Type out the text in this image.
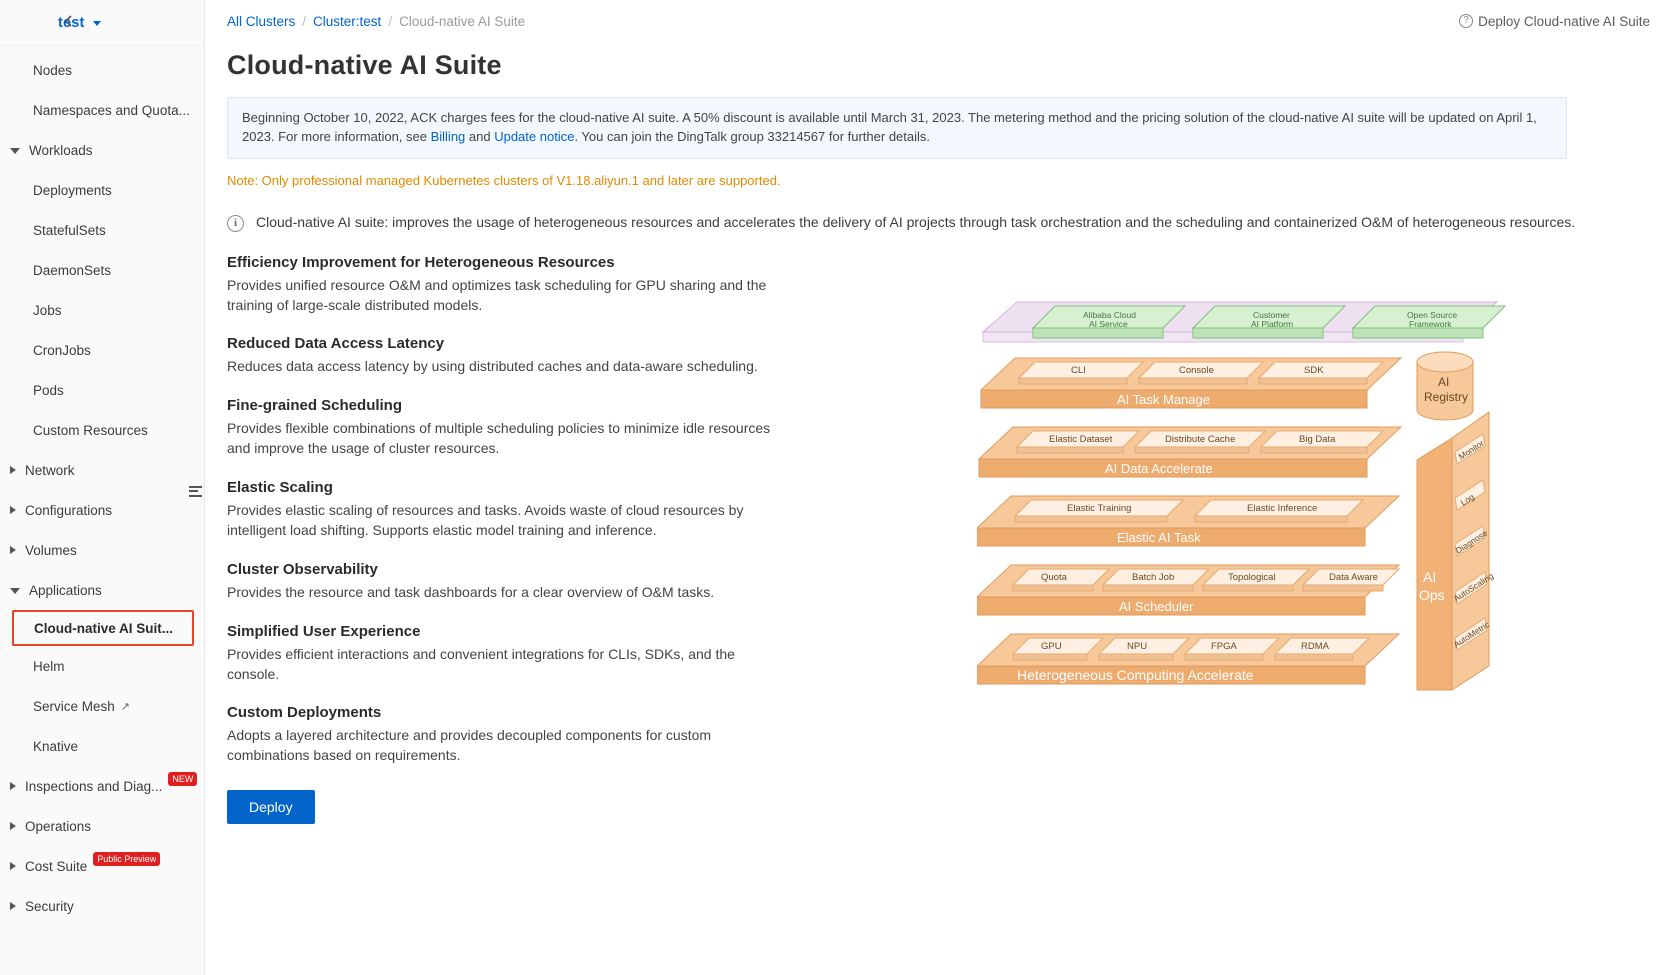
test
Nodes
Namespaces and Quota...
Workloads
Deployments
StatefulSets
DaemonSets
Jobs
CronJobs
Pods
Custom Resources
Network
Configurations
Volumes
Applications
Cloud-native AI Suit...
Helm
Service Mesh ↗
Knative
Inspections and Diag...	NEW
Operations
Cost Suite	Public Preview
Security
All Clusters / Cluster:test / Cloud-native AI Suite	? Deploy Cloud-native AI Suite
Cloud-native AI Suite
Beginning October 10, 2022, ACK charges fees for the cloud-native AI suite. A 50% discount is available until March 31, 2023. The metering method and the pricing solution of the cloud-native AI suite will be updated on April 1, 2023. For more information, see Billing and Update notice. You can join the DingTalk group 33214567 for further details.
Note: Only professional managed Kubernetes clusters of V1.18.aliyun.1 and later are supported.
i	Cloud-native AI suite: improves the usage of heterogeneous resources and accelerates the delivery of AI projects through task orchestration and the scheduling and containerized O&M of heterogeneous resources.
Efficiency Improvement for Heterogeneous Resources

Provides unified resource O&M and optimizes task scheduling for GPU sharing and the training of large-scale distributed models.

Reduced Data Access Latency

Reduces data access latency by using distributed caches and data-aware scheduling.

Fine-grained Scheduling

Provides flexible combinations of multiple scheduling policies to minimize idle resources and improve the usage of cluster resources.

Elastic Scaling

Provides elastic scaling of resources and tasks. Avoids waste of cloud resources by intelligent load shifting. Supports elastic model training and inference.

Cluster Observability

Provides the resource and task dashboards for a clear overview of O&M tasks.

Simplified User Experience

Provides efficient interactions and convenient integrations for CLIs, SDKs, and the console.

Custom Deployments

Adopts a layered architecture and provides decoupled components for custom combinations based on requirements.

Deploy
Alibaba Cloud
AI Service
Customer
AI Platform
Open Source
Framework
CLI	Console	SDK
AI Task Manage
Elastic Dataset	Distribute Cache	Big Data
AI Data Accelerate
Elastic Training	Elastic Inference
Elastic AI Task
Quota	Batch Job	Topological	Data Aware
AI Scheduler
GPU	NPU	FPGA	RDMA
Heterogeneous Computing Accelerate
AI
Registry
AI
Ops
Monitor
Log
Diagnose
AutoScaling
AutoMetric
